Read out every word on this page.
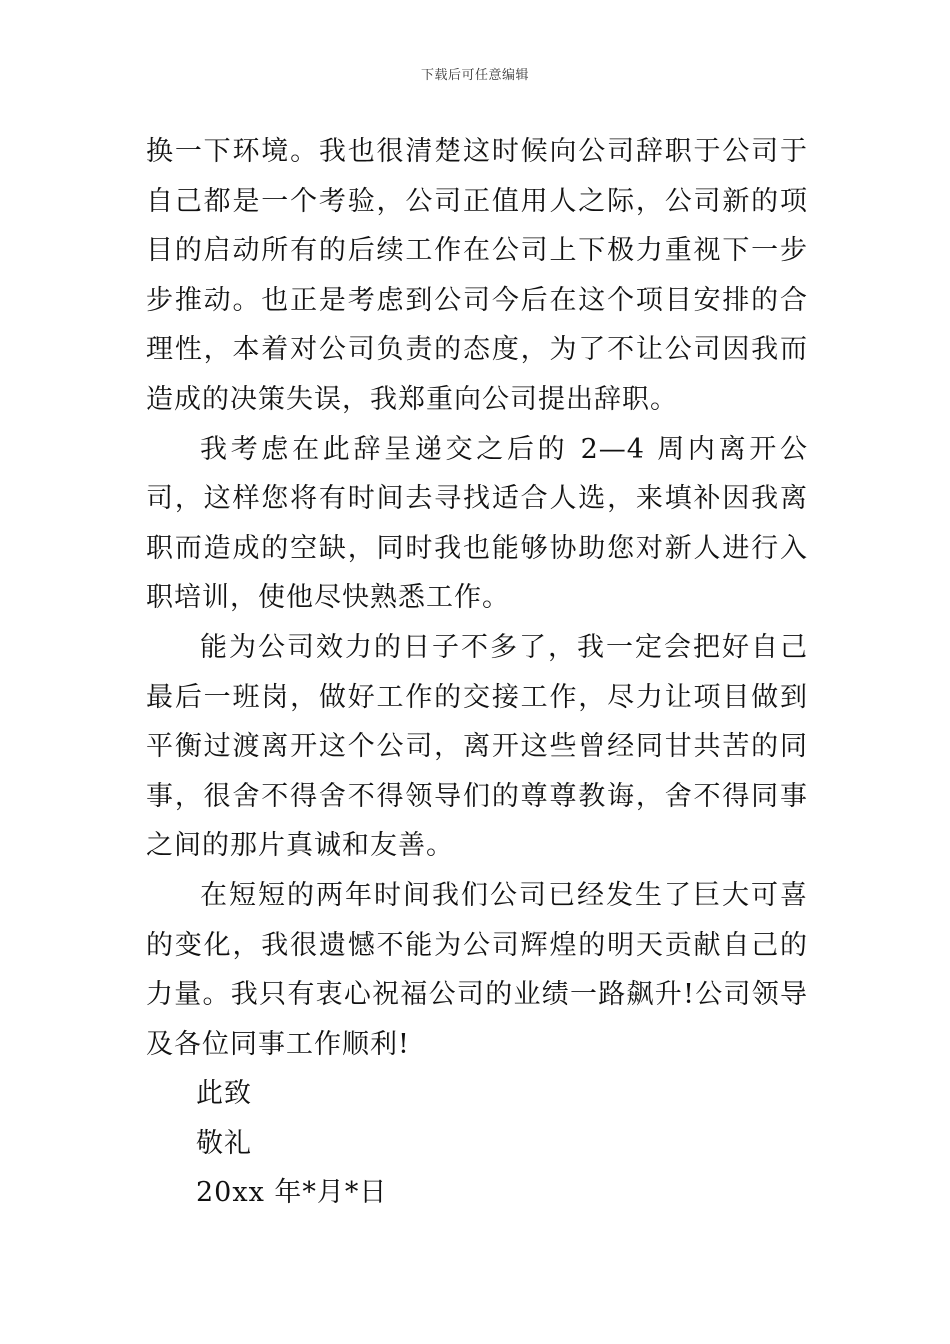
下载后可任意编辑

换一下环境。我也很清楚这时候向公司辞职于公司于自己都是一个考验，公司正值用人之际，公司新的项目的启动所有的后续工作在公司上下极力重视下一步步推动。也正是考虑到公司今后在这个项目安排的合理性，本着对公司负责的态度，为了不让公司因我而造成的决策失误，我郑重向公司提出辞职。

我考虑在此辞呈递交之后的 2—4 周内离开公司，这样您将有时间去寻找适合人选，来填补因我离职而造成的空缺，同时我也能够协助您对新人进行入职培训，使他尽快熟悉工作。

能为公司效力的日子不多了，我一定会把好自己最后一班岗，做好工作的交接工作，尽力让项目做到平衡过渡离开这个公司，离开这些曾经同甘共苦的同事，很舍不得舍不得领导们的尊尊教诲，舍不得同事之间的那片真诚和友善。

在短短的两年时间我们公司已经发生了巨大可喜的变化，我很遗憾不能为公司辉煌的明天贡献自己的力量。我只有衷心祝福公司的业绩一路飙升!公司领导及各位同事工作顺利!

此致

敬礼

20xx 年*月*日
